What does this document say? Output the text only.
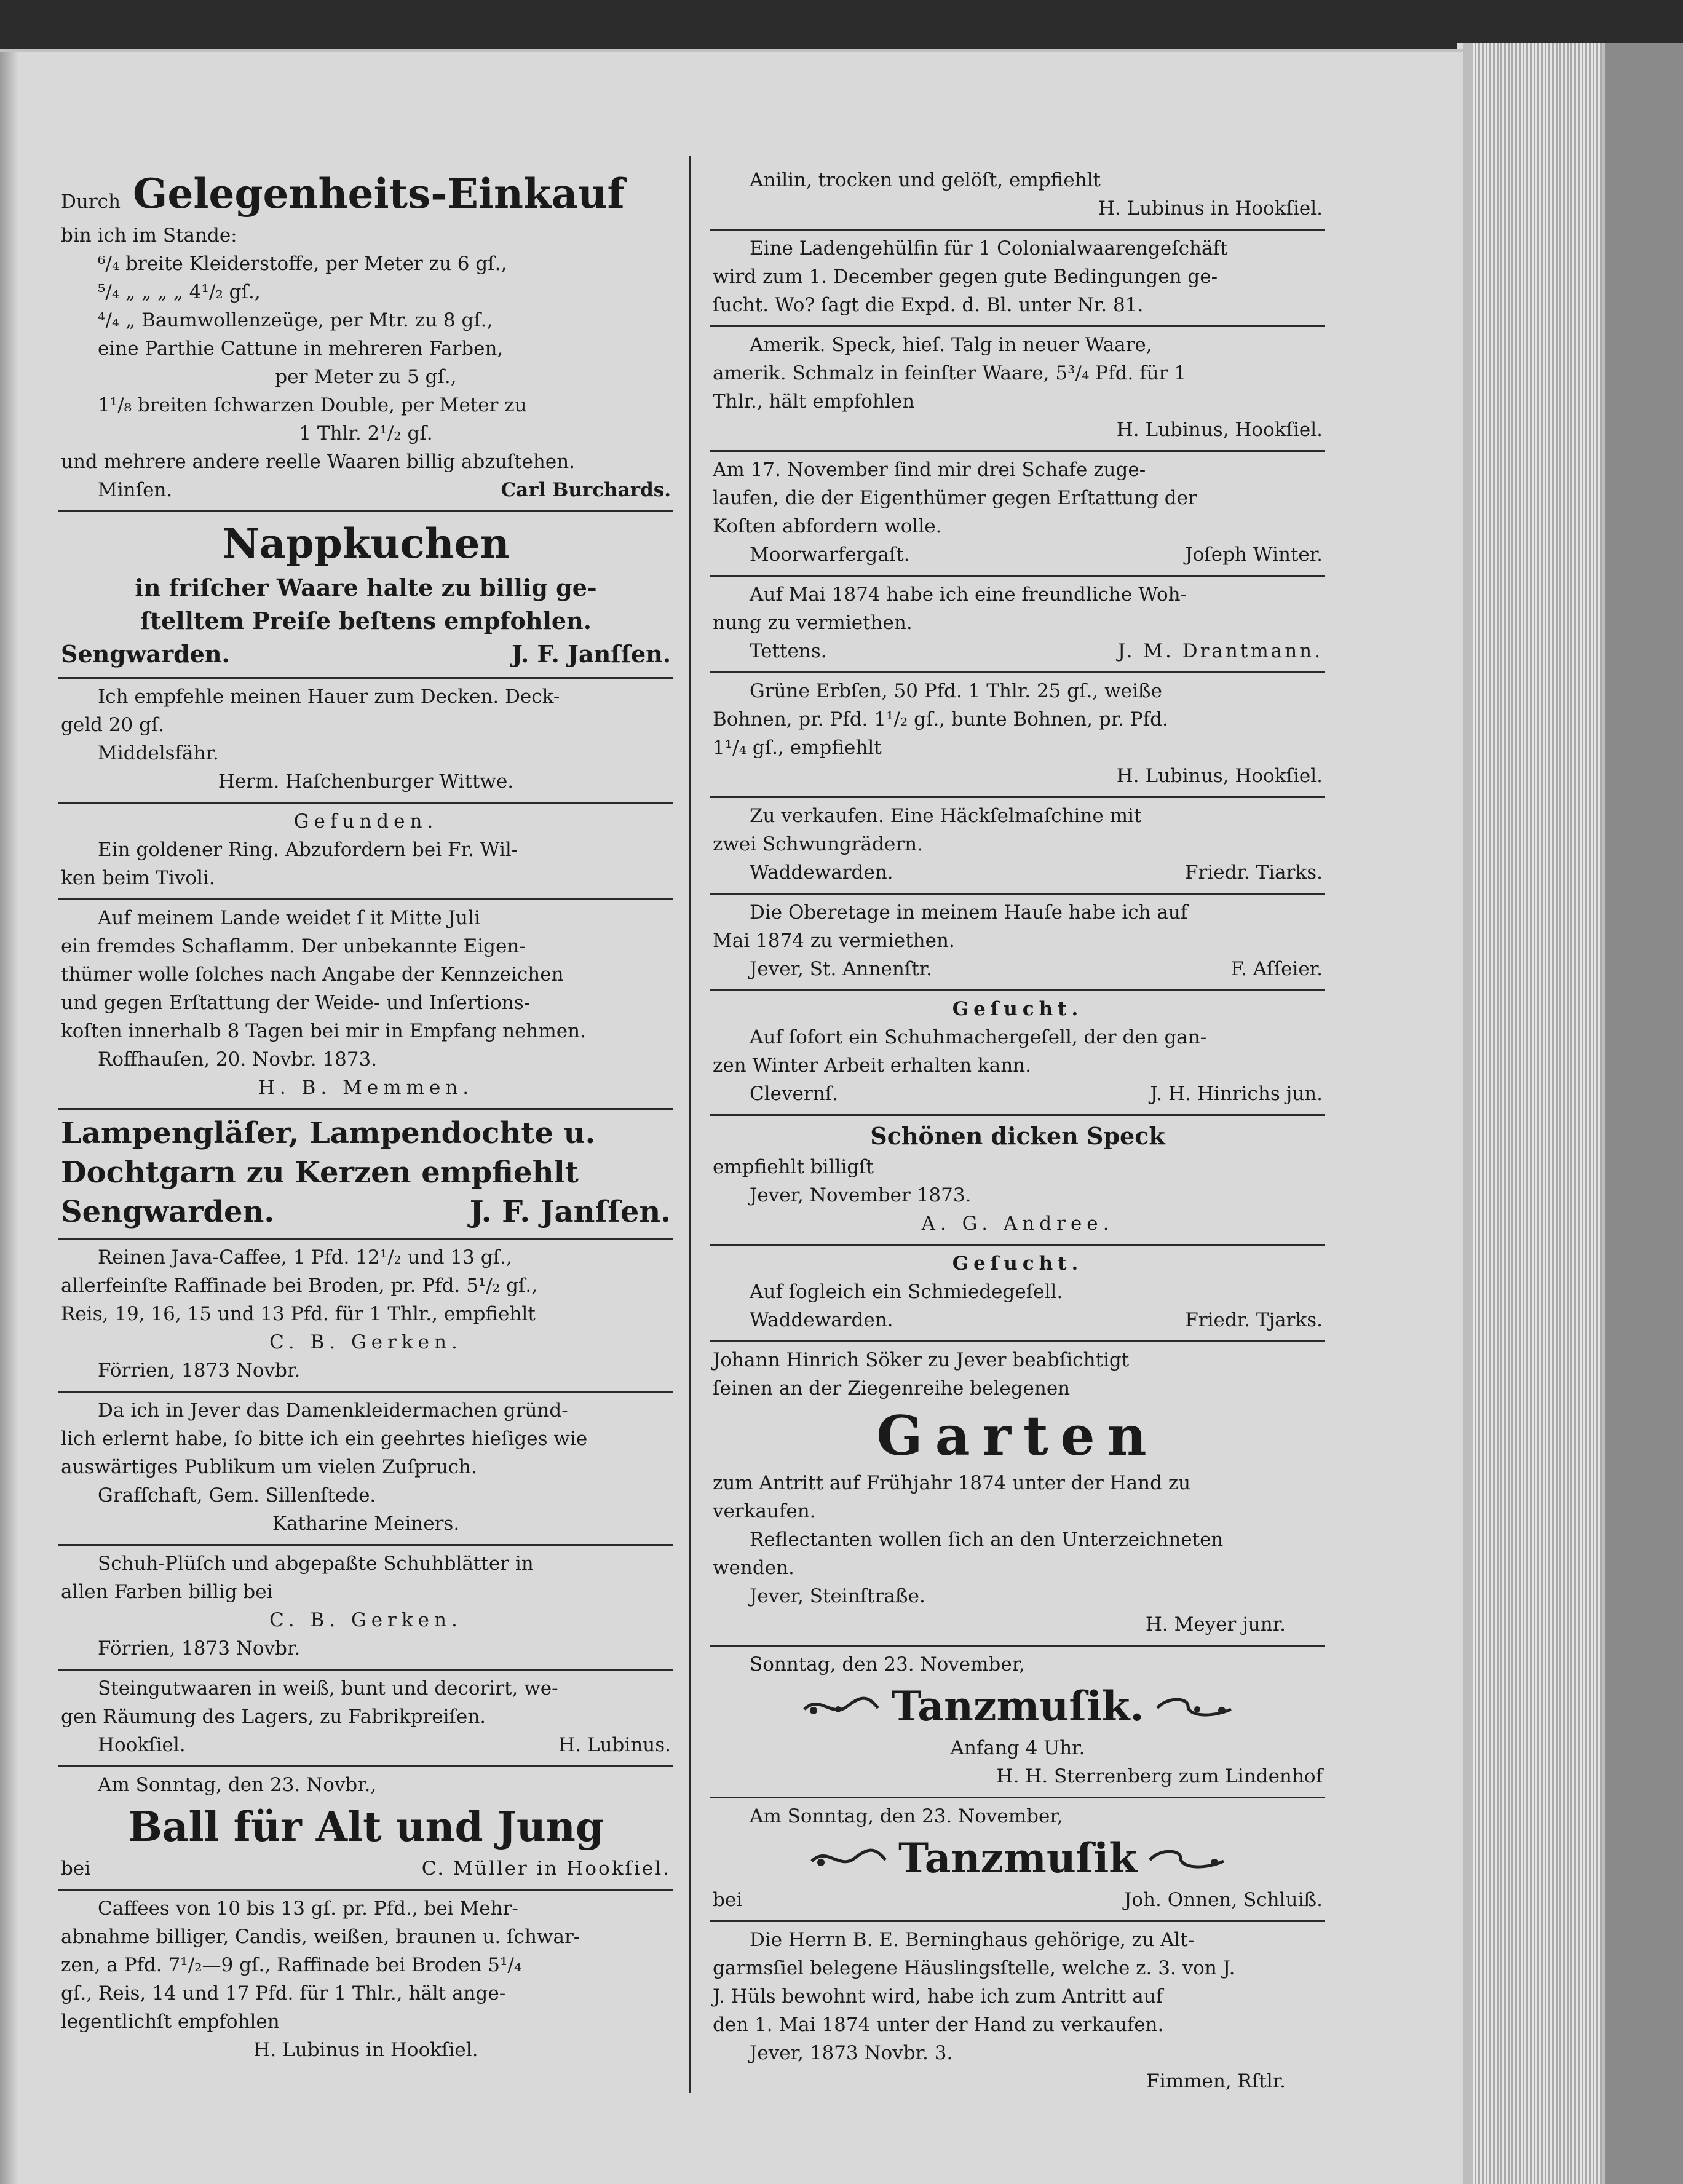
Durch Gelegenheits-Einkauf
bin ich im Stande:
⁶/₄ breite Kleiderstoffe, per Meter zu 6 gſ.,
⁵/₄ „ „ „ „ 4¹/₂ gſ.,
⁴/₄ „ Baumwollenzeüge, per Mtr. zu 8 gſ.,
eine Parthie Cattune in mehreren Farben,
per Meter zu 5 gſ.,
1¹/₈ breiten ſchwarzen Double, per Meter zu
1 Thlr. 2¹/₂ gſ.
und mehrere andere reelle Waaren billig abzuſtehen.
Minſen.	Carl Burchards.
Nappkuchen
in friſcher Waare halte zu billig ge-
ſtelltem Preiſe beſtens empfohlen.
Sengwarden.	J. F. Janſſen.
Ich empfehle meinen Hauer zum Decken. Deck-
geld 20 gſ.
Middelsfähr.
Herm. Haſchenburger Wittwe.
Gefunden.
Ein goldener Ring. Abzufordern bei Fr. Wil-
ken beim Tivoli.
Auf meinem Lande weidet ſ it Mitte Juli
ein fremdes Schaflamm. Der unbekannte Eigen-
thümer wolle ſolches nach Angabe der Kennzeichen
und gegen Erſtattung der Weide- und Inſertions-
koſten innerhalb 8 Tagen bei mir in Empfang nehmen.
Roffhauſen, 20. Novbr. 1873.
H. B. Memmen.
Lampengläſer, Lampendochte u.
Dochtgarn zu Kerzen empfiehlt
Sengwarden.	J. F. Janſſen.
Reinen Java-Caffee, 1 Pfd. 12¹/₂ und 13 gſ.,
allerfeinſte Raffinade bei Broden, pr. Pfd. 5¹/₂ gſ.,
Reis, 19, 16, 15 und 13 Pfd. für 1 Thlr., empfiehlt
C. B. Gerken.
Förrien, 1873 Novbr.
Da ich in Jever das Damenkleidermachen gründ-
lich erlernt habe, ſo bitte ich ein geehrtes hieſiges wie
auswärtiges Publikum um vielen Zuſpruch.
Grafſchaft, Gem. Sillenſtede.
Katharine Meiners.
Schuh-Plüſch und abgepaßte Schuhblätter in
allen Farben billig bei
C. B. Gerken.
Förrien, 1873 Novbr.
Steingutwaaren in weiß, bunt und decorirt, we-
gen Räumung des Lagers, zu Fabrikpreiſen.
Hookſiel.	H. Lubinus.
Am Sonntag, den 23. Novbr.,
Ball für Alt und Jung
bei	C. Müller in Hookſiel.
Caffees von 10 bis 13 gſ. pr. Pfd., bei Mehr-
abnahme billiger, Candis, weißen, braunen u. ſchwar-
zen, a Pfd. 7¹/₂—9 gſ., Raffinade bei Broden 5¹/₄
gſ., Reis, 14 und 17 Pfd. für 1 Thlr., hält ange-
legentlichſt empfohlen
H. Lubinus in Hookſiel.
Anilin, trocken und gelöſt, empfiehlt
H. Lubinus in Hookſiel.
Eine Ladengehülfin für 1 Colonialwaarengeſchäft
wird zum 1. December gegen gute Bedingungen ge-
ſucht. Wo? ſagt die Expd. d. Bl. unter Nr. 81.
Amerik. Speck, hieſ. Talg in neuer Waare,
amerik. Schmalz in feinſter Waare, 5³/₄ Pfd. für 1
Thlr., hält empfohlen
H. Lubinus, Hookſiel.
Am 17. November ſind mir drei Schafe zuge-
laufen, die der Eigenthümer gegen Erſtattung der
Koſten abfordern wolle.
Moorwarfergaſt.	Joſeph Winter.
Auf Mai 1874 habe ich eine freundliche Woh-
nung zu vermiethen.
Tettens.	J. M. Drantmann.
Grüne Erbſen, 50 Pfd. 1 Thlr. 25 gſ., weiße
Bohnen, pr. Pfd. 1¹/₂ gſ., bunte Bohnen, pr. Pfd.
1¹/₄ gſ., empfiehlt
H. Lubinus, Hookſiel.
Zu verkaufen. Eine Häckſelmaſchine mit
zwei Schwungrädern.
Waddewarden.	Friedr. Tiarks.
Die Oberetage in meinem Hauſe habe ich auf
Mai 1874 zu vermiethen.
Jever, St. Annenſtr.	F. Aſſeier.
Geſucht.
Auf ſofort ein Schuhmachergeſell, der den gan-
zen Winter Arbeit erhalten kann.
Clevernſ.	J. H. Hinrichs jun.
Schönen dicken Speck
empfiehlt billigſt
Jever, November 1873.
A. G. Andree.
Geſucht.
Auf ſogleich ein Schmiedegeſell.
Waddewarden.	Friedr. Tjarks.
Johann Hinrich Söker zu Jever beabſichtigt
ſeinen an der Ziegenreihe belegenen
Garten
zum Antritt auf Frühjahr 1874 unter der Hand zu
verkaufen.
Reflectanten wollen ſich an den Unterzeichneten
wenden.
Jever, Steinſtraße.
H. Meyer junr.
Sonntag, den 23. November,
Tanzmuſik.
Anfang 4 Uhr.
H. H. Sterrenberg zum Lindenhof
Am Sonntag, den 23. November,
Tanzmuſik
bei	Joh. Onnen, Schluiß.
Die Herrn B. E. Berninghaus gehörige, zu Alt-
garmsſiel belegene Häuslingsſtelle, welche z. 3. von J.
J. Hüls bewohnt wird, habe ich zum Antritt auf
den 1. Mai 1874 unter der Hand zu verkaufen.
Jever, 1873 Novbr. 3.
Fimmen, Rſtlr.
